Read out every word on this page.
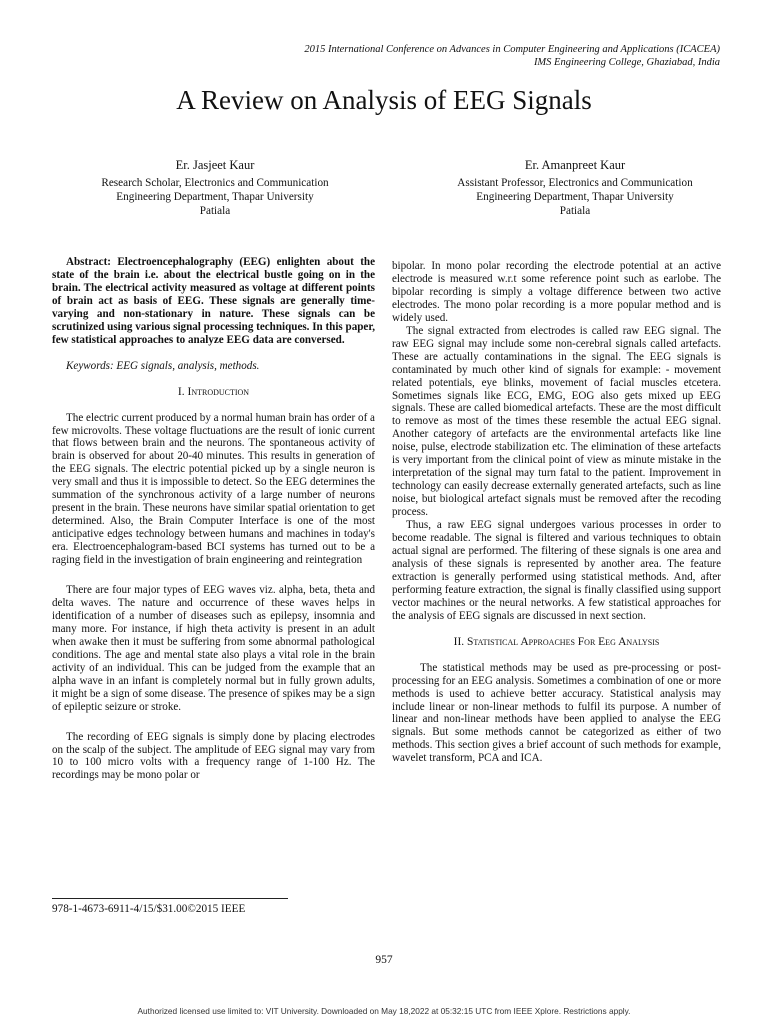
2015 International Conference on Advances in Computer Engineering and Applications (ICACEA)
IMS Engineering College, Ghaziabad, India
A Review on Analysis of EEG Signals
Er. Jasjeet Kaur
Research Scholar, Electronics and Communication
Engineering Department, Thapar University
Patiala
Er. Amanpreet Kaur
Assistant Professor, Electronics and Communication
Engineering Department, Thapar University
Patiala

Abstract: Electroencephalography (EEG) enlighten about the state of the brain i.e. about the electrical bustle going on in the brain. The electrical activity measured as voltage at different points of brain act as basis of EEG. These signals are generally time-varying and non-stationary in nature. These signals can be scrutinized using various signal processing techniques. In this paper, few statistical approaches to analyze EEG data are conversed.

Keywords: EEG signals, analysis, methods.

I. Introduction

The electric current produced by a normal human brain has order of a few microvolts. These voltage fluctuations are the result of ionic current that flows between brain and the neurons. The spontaneous activity of brain is observed for about 20-40 minutes. This results in generation of the EEG signals. The electric potential picked up by a single neuron is very small and thus it is impossible to detect. So the EEG determines the summation of the synchronous activity of a large number of neurons present in the brain. These neurons have similar spatial orientation to get determined. Also, the Brain Computer Interface is one of the most anticipative edges technology between humans and machines in today's era. Electroencephalogram-based BCI systems has turned out to be a raging field in the investigation of brain engineering and reintegration

There are four major types of EEG waves viz. alpha, beta, theta and delta waves. The nature and occurrence of these waves helps in identification of a number of diseases such as epilepsy, insomnia and many more. For instance, if high theta activity is present in an adult when awake then it must be suffering from some abnormal pathological conditions. The age and mental state also plays a vital role in the brain activity of an individual. This can be judged from the example that an alpha wave in an infant is completely normal but in fully grown adults, it might be a sign of some disease. The presence of spikes may be a sign of epileptic seizure or stroke.

The recording of EEG signals is simply done by placing electrodes on the scalp of the subject. The amplitude of EEG signal may vary from 10 to 100 micro volts with a frequency range of 1-100 Hz. The recordings may be mono polar or

bipolar. In mono polar recording the electrode potential at an active electrode is measured w.r.t some reference point such as earlobe. The bipolar recording is simply a voltage difference between two active electrodes. The mono polar recording is a more popular method and is widely used.

The signal extracted from electrodes is called raw EEG signal. The raw EEG signal may include some non-cerebral signals called artefacts. These are actually contaminations in the signal. The EEG signals is contaminated by much other kind of signals for example: - movement related potentials, eye blinks, movement of facial muscles etcetera. Sometimes signals like ECG, EMG, EOG also gets mixed up EEG signals. These are called biomedical artefacts. These are the most difficult to remove as most of the times these resemble the actual EEG signal. Another category of artefacts are the environmental artefacts like line noise, pulse, electrode stabilization etc. The elimination of these artefacts is very important from the clinical point of view as minute mistake in the interpretation of the signal may turn fatal to the patient. Improvement in technology can easily decrease externally generated artefacts, such as line noise, but biological artefact signals must be removed after the recoding process.

Thus, a raw EEG signal undergoes various processes in order to become readable. The signal is filtered and various techniques to obtain actual signal are performed. The filtering of these signals is one area and analysis of these signals is represented by another area. The feature extraction is generally performed using statistical methods. And, after performing feature extraction, the signal is finally classified using support vector machines or the neural networks. A few statistical approaches for the analysis of EEG signals are discussed in next section.

II. Statistical Approaches For Eeg Analysis

The statistical methods may be used as pre-processing or post-processing for an EEG analysis. Sometimes a combination of one or more methods is used to achieve better accuracy. Statistical analysis may include linear or non-linear methods to fulfil its purpose. A number of linear and non-linear methods have been applied to analyse the EEG signals. But some methods cannot be categorized as either of two methods. This section gives a brief account of such methods for example, wavelet transform, PCA and ICA.

978-1-4673-6911-4/15/$31.00©2015 IEEE
957
Authorized licensed use limited to: VIT University. Downloaded on May 18,2022 at 05:32:15 UTC from IEEE Xplore. Restrictions apply.
